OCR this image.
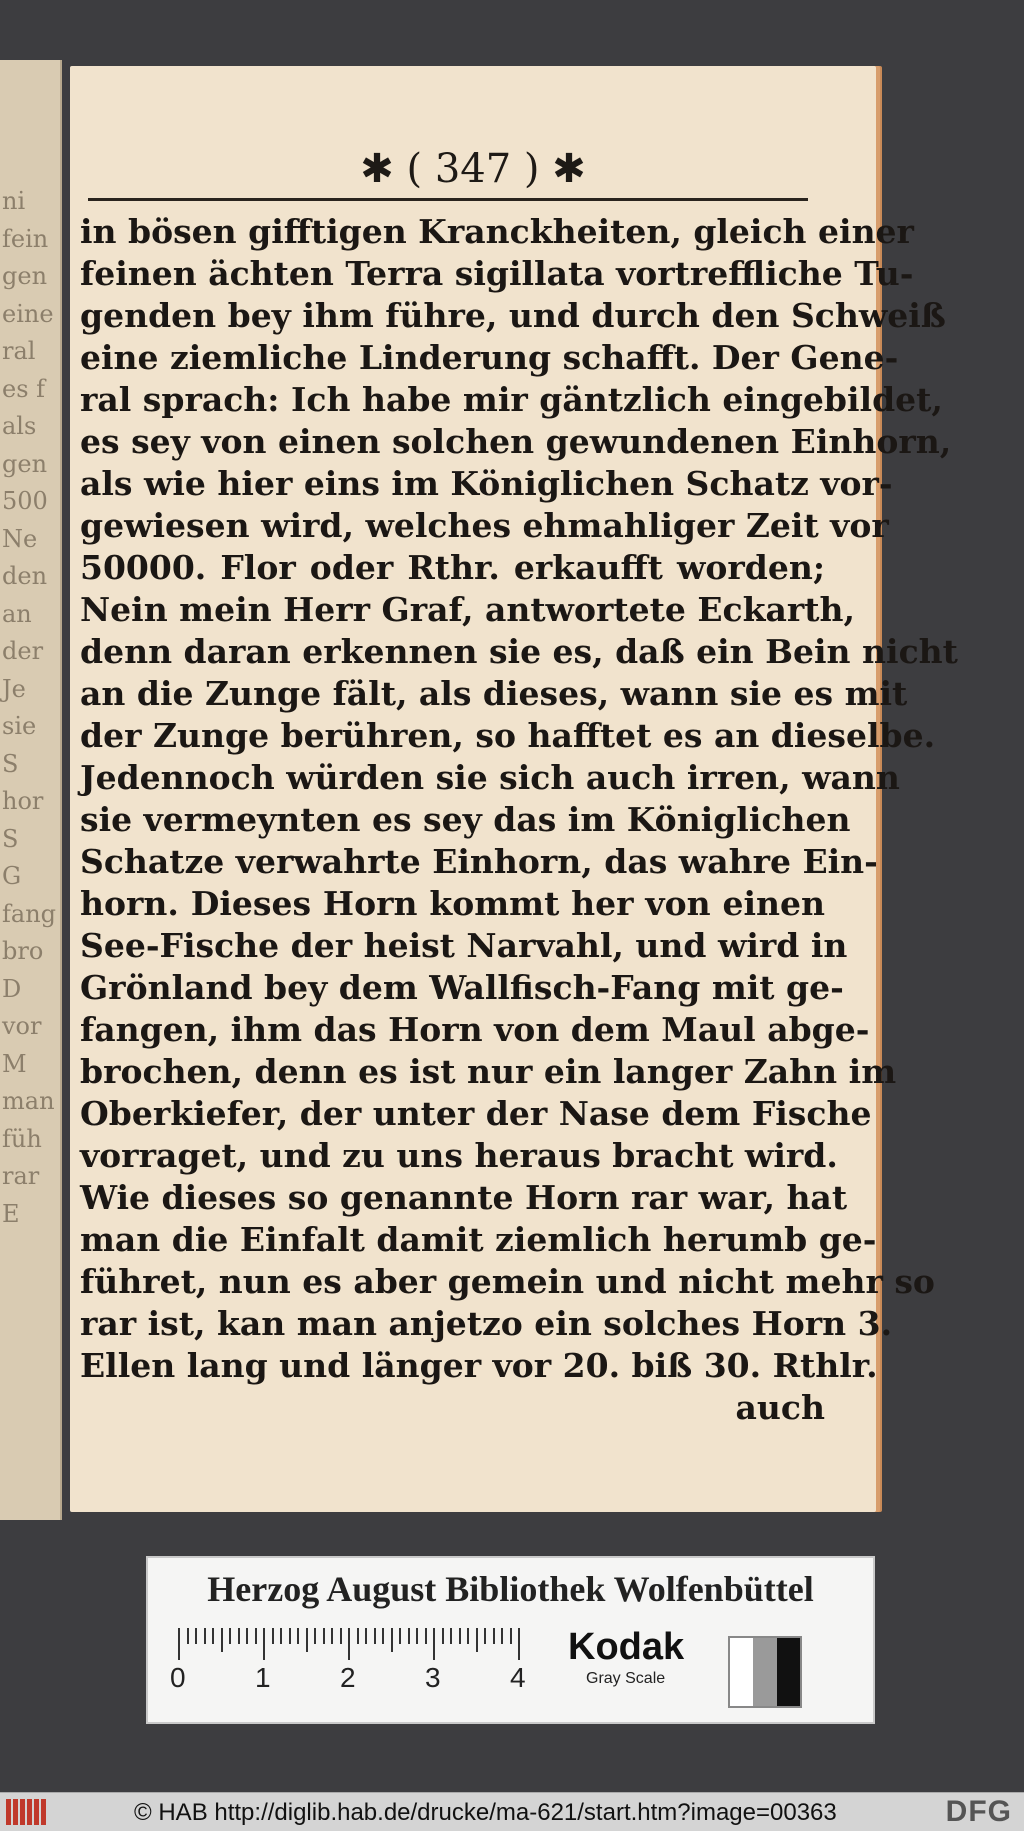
ni
fein
gen
eine
ral
es f
als
gen
500
Ne
den
an
der
Je
sie
S
hor
S
G
fang
bro
D
vor
M
man
füh
rar
E
✱ ( 347 ) ✱
in bösen gifftigen Kranckheiten, gleich einer
feinen ächten Terra sigillata vortreffliche Tu-
genden bey ihm führe, und durch den Schweiß
eine ziemliche Linderung schafft. Der Gene-
ral sprach: Ich habe mir gäntzlich eingebildet,
es sey von einen solchen gewundenen Einhorn,
als wie hier eins im Königlichen Schatz vor-
gewiesen wird, welches ehmahliger Zeit vor
50000. Flor oder Rthr. erkaufft worden;
Nein mein Herr Graf, antwortete Eckarth,
denn daran erkennen sie es, daß ein Bein nicht
an die Zunge fält, als dieses, wann sie es mit
der Zunge berühren, so hafftet es an dieselbe.
Jedennoch würden sie sich auch irren, wann
sie vermeynten es sey das im Königlichen
Schatze verwahrte Einhorn, das wahre Ein-
horn. Dieses Horn kommt her von einen
See-Fische der heist Narvahl, und wird in
Grönland bey dem Wallfisch-Fang mit ge-
fangen, ihm das Horn von dem Maul abge-
brochen, denn es ist nur ein langer Zahn im
Oberkiefer, der unter der Nase dem Fische
vorraget, und zu uns heraus bracht wird.
Wie dieses so genannte Horn rar war, hat
man die Einfalt damit ziemlich herumb ge-
führet, nun es aber gemein und nicht mehr so
rar ist, kan man anjetzo ein solches Horn 3.
Ellen lang und länger vor 20. biß 30. Rthlr.
auch
Herzog August Bibliothek Wolfenbüttel
0 1 2 3 4
Kodak
Gray Scale
© HAB http://diglib.hab.de/drucke/ma-621/start.htm?image=00363	DFG
